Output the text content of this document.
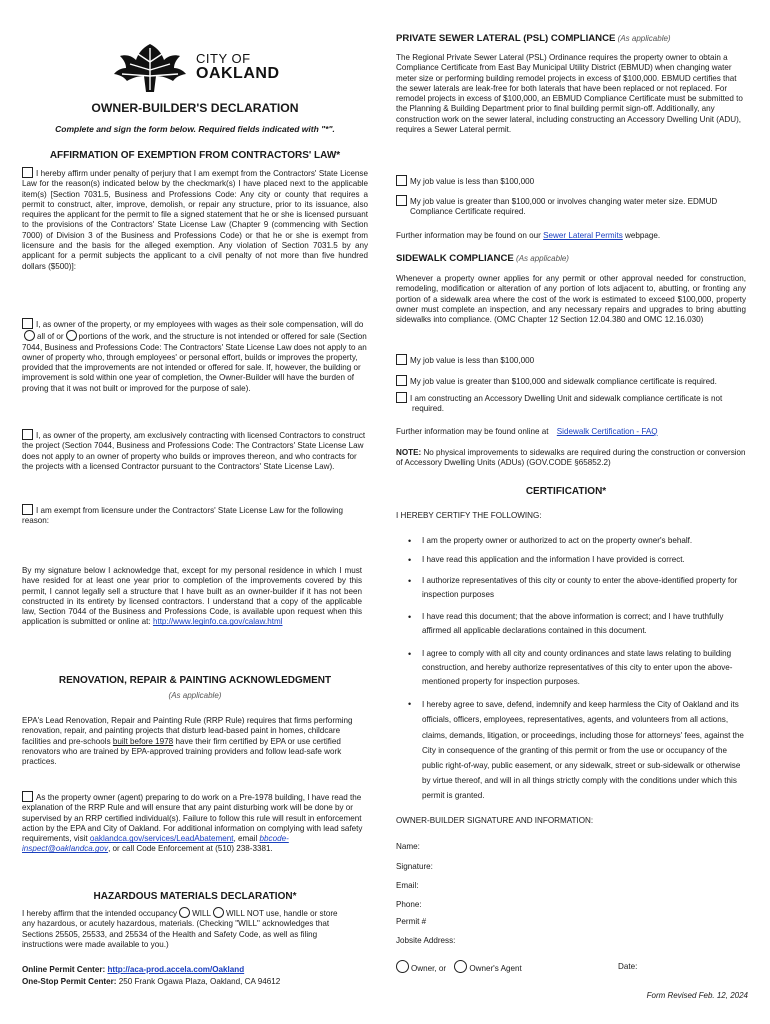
CITY OF
OAKLAND
OWNER-BUILDER'S DECLARATION
Complete and sign the form below. Required fields indicated with "*".
AFFIRMATION OF EXEMPTION FROM CONTRACTORS' LAW*

I hereby affirm under penalty of perjury that I am exempt from the Contractors' State License Law for the reason(s) indicated below by the checkmark(s) I have placed next to the applicable item(s) [Section 7031.5, Business and Professions Code: Any city or county that requires a permit to construct, alter, improve, demolish, or repair any structure, prior to its issuance, also requires the applicant for the permit to file a signed statement that he or she is licensed pursuant to the provisions of the Contractors' State License Law (Chapter 9 (commencing with Section 7000) of Division 3 of the Business and Professions Code) or that he or she is exempt from licensure and the basis for the alleged exemption. Any violation of Section 7031.5 by any applicant for a permit subjects the applicant to a civil penalty of not more than five hundred dollars ($500)]:

I, as owner of the property, or my employees with wages as their sole compensation, will doall of or portions of the work, and the structure is not intended or offered for sale (Section 7044, Business and Professions Code: The Contractors' State License Law does not apply to an owner of property who, through employees' or personal effort, builds or improves the property, provided that the improvements are not intended or offered for sale. If, however, the building or improvement is sold within one year of completion, the Owner-Builder will have the burden of proving that it was not built or improved for the purpose of sale).

I, as owner of the property, am exclusively contracting with licensed Contractors to construct the project (Section 7044, Business and Professions Code: The Contractors' State License Law does not apply to an owner of property who builds or improves thereon, and who contracts for the projects with a licensed Contractor pursuant to the Contractors' State License Law).

I am exempt from licensure under the Contractors' State License Law for the following reason:

By my signature below I acknowledge that, except for my personal residence in which I must have resided for at least one year prior to completion of the improvements covered by this permit, I cannot legally sell a structure that I have built as an owner-builder if it has not been constructed in its entirety by licensed contractors. I understand that a copy of the applicable law, Section 7044 of the Business and Professions Code, is available upon request when this application is submitted or online at: http://www.leginfo.ca.gov/calaw.html

RENOVATION, REPAIR & PAINTING ACKNOWLEDGMENT
(As applicable)

EPA's Lead Renovation, Repair and Painting Rule (RRP Rule) requires that firms performing renovation, repair, and painting projects that disturb lead-based paint in homes, childcare facilities and pre-schools built before 1978 have their firm certified by EPA or use certified renovators who are trained by EPA-approved training providers and follow lead-safe work practices.

As the property owner (agent) preparing to do work on a Pre-1978 building, I have read the explanation of the RRP Rule and will ensure that any paint disturbing work will be done by or supervised by an RRP certified individual(s). Failure to follow this rule will result in enforcement action by the EPA and City of Oakland. For additional information on complying with lead safety requirements, visit oaklandca.gov/services/LeadAbatement, email bbcode-inspect@oaklandca.gov, or call Code Enforcement at (510) 238-3381.

HAZARDOUS MATERIALS DECLARATION*

I hereby affirm that the intended occupancy WILL WILL NOT use, handle or store any hazardous, or acutely hazardous, materials. (Checking "WILL" acknowledges that Sections 25505, 25533, and 25534 of the Health and Safety Code, as well as filing instructions were made available to you.)

Online Permit Center: http://aca-prod.accela.com/Oakland
One-Stop Permit Center: 250 Frank Ogawa Plaza, Oakland, CA 94612
PRIVATE SEWER LATERAL (PSL) COMPLIANCE (As applicable)
The Regional Private Sewer Lateral (PSL) Ordinance requires the property owner to obtain a Compliance Certificate from East Bay Municipal Utility District (EBMUD) when changing water meter size or performing building remodel projects in excess of $100,000. EBMUD certifies that the sewer laterals are leak-free for both laterals that have been replaced or not replaced. For remodel projects in excess of $100,000, an EBMUD Compliance Certificate must be submitted to the Planning & Building Department prior to final building permit sign-off. Additionally, any construction work on the sewer lateral, including constructing an Accessory Dwelling Unit (ADU), requires a Sewer Lateral permit.

My job value is less than $100,000

My job value is greater than $100,000 or involves changing water meter size. EDMUD Compliance Certificate required.

Further information may be found on our Sewer Lateral Permits webpage.
SIDEWALK COMPLIANCE (As applicable)
Whenever a property owner applies for any permit or other approval needed for construction, remodeling, modification or alteration of any portion of lots adjacent to, abutting, or fronting any portion of a sidewalk area where the cost of the work is estimated to exceed $100,000, property owner must complete an inspection, and any necessary repairs and upgrades to bring abutting sidewalks into compliance. (OMC Chapter 12 Section 12.04.380 and OMC 12.16.030)

My job value is less than $100,000

My job value is greater than $100,000 and sidewalk compliance certificate is required.

I am constructing an Accessory Dwelling Unit and sidewalk compliance certificate is not required.

Further information may be found online at Sidewalk Certification - FAQ
NOTE: No physical improvements to sidewalks are required during the construction or conversion of Accessory Dwelling Units (ADUs) (GOV.CODE §65852.2)
CERTIFICATION*
I HEREBY CERTIFY THE FOLLOWING:
• I am the property owner or authorized to act on the property owner's behalf.
• I have read this application and the information I have provided is correct.
• I authorize representatives of this city or county to enter the above-identified property for inspection purposes
• I have read this document; that the above information is correct; and I have truthfully affirmed all applicable declarations contained in this document.
• I agree to comply with all city and county ordinances and state laws relating to building construction, and hereby authorize representatives of this city to enter upon the above-mentioned property for inspection purposes.
• I hereby agree to save, defend, indemnify and keep harmless the City of Oakland and its officials, officers, employees, representatives, agents, and volunteers from all actions, claims, demands, litigation, or proceedings, including those for attorneys' fees, against the City in consequence of the granting of this permit or from the use or occupancy of the public right-of-way, public easement, or any sidewalk, street or sub-sidewalk or otherwise by virtue thereof, and will in all things strictly comply with the conditions under which this permit is granted.
OWNER-BUILDER SIGNATURE AND INFORMATION:
Name:
Signature:
Email:
Phone:
Permit #
Jobsite Address:
Owner, or	Owner's Agent	Date:
Form Revised Feb. 12, 2024
